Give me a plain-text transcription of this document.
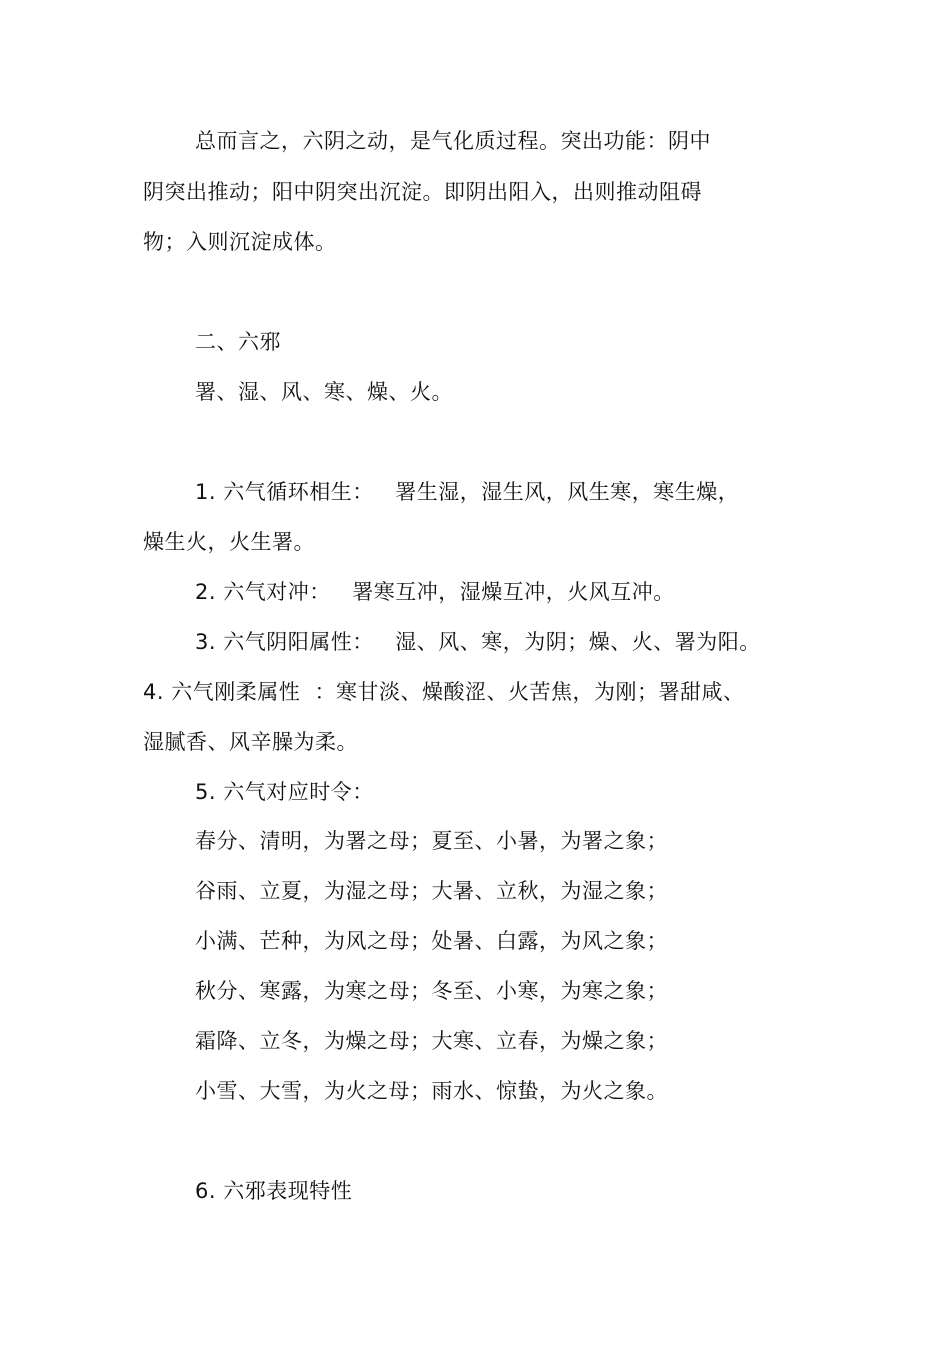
总而言之，六阴之动，是气化质过程。突出功能：阴中
阴突出推动；阳中阴突出沉淀。即阴出阳入，出则推动阻碍
物；入则沉淀成体。
二、六邪
署、湿、风、寒、燥、火。
1. 六气循环相生：   署生湿，湿生风，风生寒，寒生燥，
燥生火，火生署。
2. 六气对冲：   署寒互冲，湿燥互冲，火风互冲。
3. 六气阴阳属性：   湿、风、寒，为阴；燥、火、署为阳。
4. 六气刚柔属性  ：寒甘淡、燥酸涩、火苦焦，为刚；署甜咸、
湿腻香、风辛臊为柔。
5. 六气对应时令：
春分、清明，为署之母；夏至、小暑，为署之象；
谷雨、立夏，为湿之母；大暑、立秋，为湿之象；
小满、芒种，为风之母；处暑、白露，为风之象；
秋分、寒露，为寒之母；冬至、小寒，为寒之象；
霜降、立冬，为燥之母；大寒、立春，为燥之象；
小雪、大雪，为火之母；雨水、惊蛰，为火之象。
6. 六邪表现特性
